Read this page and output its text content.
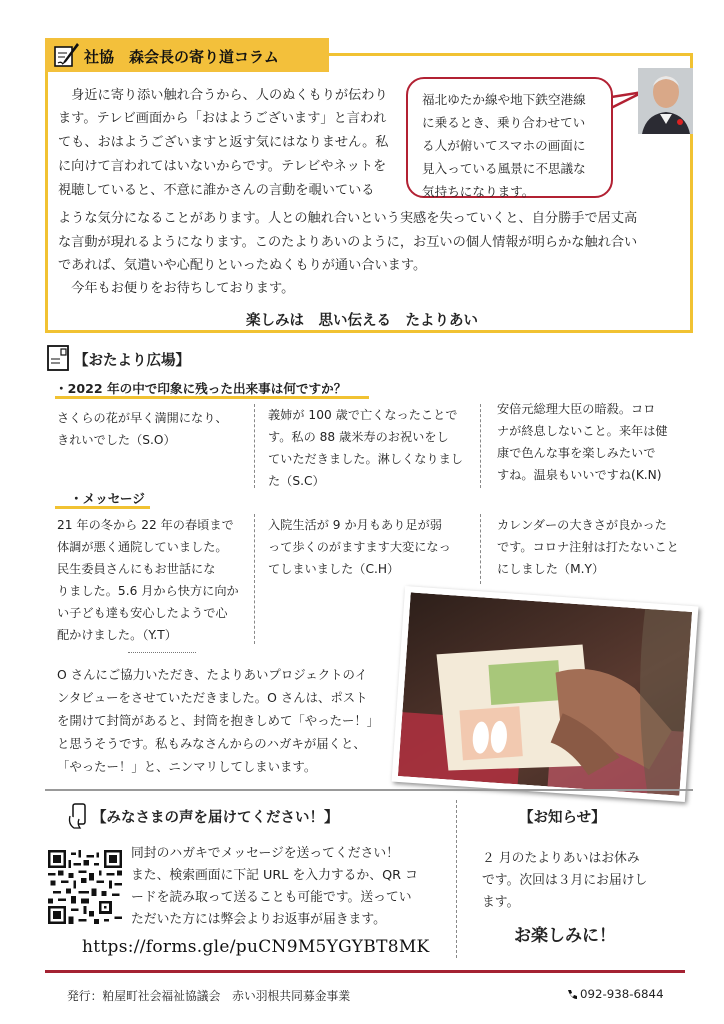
社協　森会長の寄り道コラム
　身近に寄り添い触れ合うから、人のぬくもりが伝わり
ます。テレビ画面から「おはようございます」と言われ
ても、おはようございますと返す気にはなりません。私
に向けて言われてはいないからです。テレビやネットを
視聴していると、不意に誰かさんの言動を覗いている
ような気分になることがあります。人との触れ合いという実感を失っていくと、自分勝手で居丈高
な言動が現れるようになります。このたよりあいのように，お互いの個人情報が明らかな触れ合い
であれば、気遣いや心配りといったぬくもりが通い合います。
　今年もお便りをお待ちしております。
福北ゆたか線や地下鉄空港線
に乗るとき、乗り合わせてい
る人が俯いてスマホの画面に
見入っている風景に不思議な
気持ちになります。
楽しみは　思い伝える　たよりあい
【おたより広場】
・2022 年の中で印象に残った出来事は何ですか？
さくらの花が早く満開になり、
きれいでした（S.O）
義姉が 100 歳で亡くなったことで
す。私の 88 歳米寿のお祝いをし
ていただきました。淋しくなりまし
た（S.C）
安倍元総理大臣の暗殺。コロ
ナが終息しないこと。来年は健
康で色んな事を楽しみたいで
すね。温泉もいいですね(K.N)
・メッセージ
21 年の冬から 22 年の春頃まで
体調が悪く通院していました。
民生委員さんにもお世話にな
りました。5.6 月から快方に向か
い子ども達も安心したようで心
配かけました。（Y.T）
入院生活が 9 か月もあり足が弱
って歩くのがますます大変になっ
てしまいました（C.H）
カレンダーの大きさが良かった
です。コロナ注射は打たないこと
にしました（M.Y）
O さんにご協力いただき、たよりあいプロジェクトのイ
ンタビューをさせていただきました。O さんは、ポスト
を開けて封筒があると、封筒を抱きしめて「やったー！」
と思うそうです。私もみなさんからのハガキが届くと、
「やったー！」と、ニンマリしてしまいます。
【みなさまの声を届けてください！】
同封のハガキでメッセージを送ってください！
また、検索画面に下記 URL を入力するか、QR コ
ードを読み取って送ることも可能です。送ってい
ただいた方には弊会よりお返事が届きます。
https://forms.gle/puCN9M5YGYBT8MK
【お知らせ】
２ 月のたよりあいはお休み
です。次回は３月にお届けし
ます。
お楽しみに！
発行：粕屋町社会福祉協議会　赤い羽根共同募金事業	092-938-6844
